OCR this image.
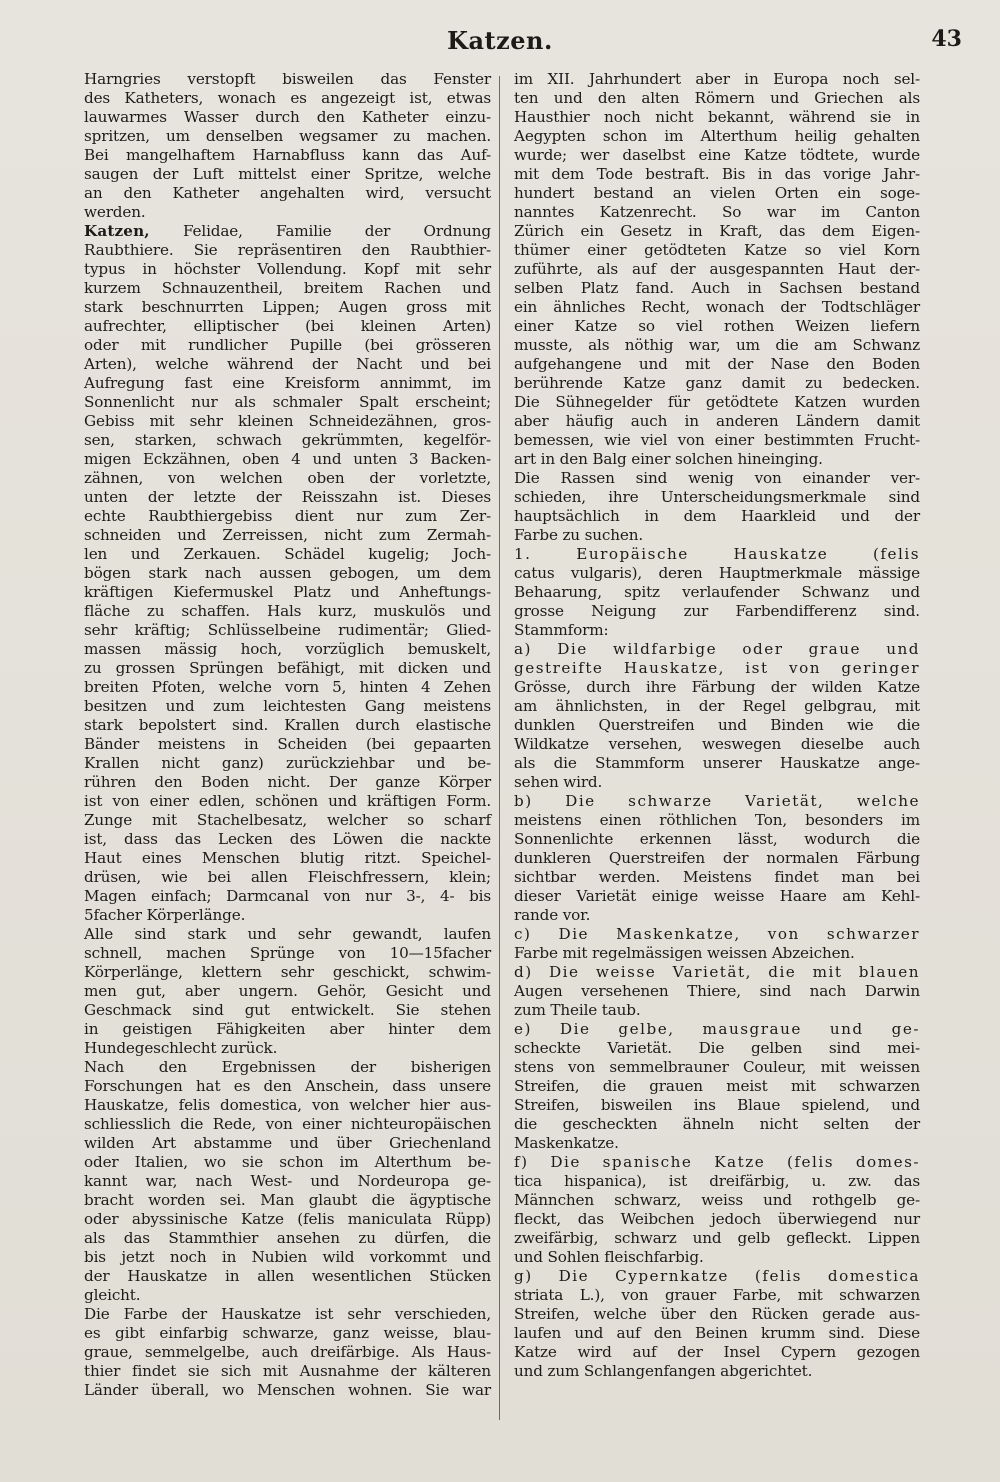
Katzen.	43
Harngries verstopft bisweilen das Fenster
des Katheters, wonach es angezeigt ist, etwas
lauwarmes Wasser durch den Katheter einzu-
spritzen, um denselben wegsamer zu machen.
Bei mangelhaftem Harnabfluss kann das Auf-
saugen der Luft mittelst einer Spritze, welche
an den Katheter angehalten wird, versucht
werden.
Katzen, Felidae, Familie der Ordnung
Raubthiere. Sie repräsentiren den Raubthier-
typus in höchster Vollendung. Kopf mit sehr
kurzem Schnauzentheil, breitem Rachen und
stark beschnurrten Lippen; Augen gross mit
aufrechter, elliptischer (bei kleinen Arten)
oder mit rundlicher Pupille (bei grösseren
Arten), welche während der Nacht und bei
Aufregung fast eine Kreisform annimmt, im
Sonnenlicht nur als schmaler Spalt erscheint;
Gebiss mit sehr kleinen Schneidezähnen, gros-
sen, starken, schwach gekrümmten, kegelför-
migen Eckzähnen, oben 4 und unten 3 Backen-
zähnen, von welchen oben der vorletzte,
unten der letzte der Reisszahn ist. Dieses
echte Raubthiergebiss dient nur zum Zer-
schneiden und Zerreissen, nicht zum Zermah-
len und Zerkauen. Schädel kugelig; Joch-
bögen stark nach aussen gebogen, um dem
kräftigen Kiefermuskel Platz und Anheftungs-
fläche zu schaffen. Hals kurz, muskulös und
sehr kräftig; Schlüsselbeine rudimentär; Glied-
massen mässig hoch, vorzüglich bemuskelt,
zu grossen Sprüngen befähigt, mit dicken und
breiten Pfoten, welche vorn 5, hinten 4 Zehen
besitzen und zum leichtesten Gang meistens
stark bepolstert sind. Krallen durch elastische
Bänder meistens in Scheiden (bei gepaarten
Krallen nicht ganz) zurückziehbar und be-
rühren den Boden nicht. Der ganze Körper
ist von einer edlen, schönen und kräftigen Form.
Zunge mit Stachelbesatz, welcher so scharf
ist, dass das Lecken des Löwen die nackte
Haut eines Menschen blutig ritzt. Speichel-
drüsen, wie bei allen Fleischfressern, klein;
Magen einfach; Darmcanal von nur 3-, 4- bis
5facher Körperlänge.
Alle sind stark und sehr gewandt, laufen
schnell, machen Sprünge von 10—15facher
Körperlänge, klettern sehr geschickt, schwim-
men gut, aber ungern. Gehör, Gesicht und
Geschmack sind gut entwickelt. Sie stehen
in geistigen Fähigkeiten aber hinter dem
Hundegeschlecht zurück.
Nach den Ergebnissen der bisherigen
Forschungen hat es den Anschein, dass unsere
Hauskatze, felis domestica, von welcher hier aus-
schliesslich die Rede, von einer nichteuropäischen
wilden Art abstamme und über Griechenland
oder Italien, wo sie schon im Alterthum be-
kannt war, nach West- und Nordeuropa ge-
bracht worden sei. Man glaubt die ägyptische
oder abyssinische Katze (felis maniculata Rüpp)
als das Stammthier ansehen zu dürfen, die
bis jetzt noch in Nubien wild vorkommt und
der Hauskatze in allen wesentlichen Stücken
gleicht.
Die Farbe der Hauskatze ist sehr verschieden,
es gibt einfarbig schwarze, ganz weisse, blau-
graue, semmelgelbe, auch dreifärbige. Als Haus-
thier findet sie sich mit Ausnahme der kälteren
Länder überall, wo Menschen wohnen. Sie war
im XII. Jahrhundert aber in Europa noch sel-
ten und den alten Römern und Griechen als
Hausthier noch nicht bekannt, während sie in
Aegypten schon im Alterthum heilig gehalten
wurde; wer daselbst eine Katze tödtete, wurde
mit dem Tode bestraft. Bis in das vorige Jahr-
hundert bestand an vielen Orten ein soge-
nanntes Katzenrecht. So war im Canton
Zürich ein Gesetz in Kraft, das dem Eigen-
thümer einer getödteten Katze so viel Korn
zuführte, als auf der ausgespannten Haut der-
selben Platz fand. Auch in Sachsen bestand
ein ähnliches Recht, wonach der Todtschläger
einer Katze so viel rothen Weizen liefern
musste, als nöthig war, um die am Schwanz
aufgehangene und mit der Nase den Boden
berührende Katze ganz damit zu bedecken.
Die Sühnegelder für getödtete Katzen wurden
aber häufig auch in anderen Ländern damit
bemessen, wie viel von einer bestimmten Frucht-
art in den Balg einer solchen hineinging.
Die Rassen sind wenig von einander ver-
schieden, ihre Unterscheidungsmerkmale sind
hauptsächlich in dem Haarkleid und der
Farbe zu suchen.
1. Europäische Hauskatze (felis
catus vulgaris), deren Hauptmerkmale mässige
Behaarung, spitz verlaufender Schwanz und
grosse Neigung zur Farbendifferenz sind.
Stammform:
a) Die wildfarbige oder graue und
gestreifte Hauskatze, ist von geringer
Grösse, durch ihre Färbung der wilden Katze
am ähnlichsten, in der Regel gelbgrau, mit
dunklen Querstreifen und Binden wie die
Wildkatze versehen, weswegen dieselbe auch
als die Stammform unserer Hauskatze ange-
sehen wird.
b) Die schwarze Varietät, welche
meistens einen röthlichen Ton, besonders im
Sonnenlichte erkennen lässt, wodurch die
dunkleren Querstreifen der normalen Färbung
sichtbar werden. Meistens findet man bei
dieser Varietät einige weisse Haare am Kehl-
rande vor.
c) Die Maskenkatze, von schwarzer
Farbe mit regelmässigen weissen Abzeichen.
d) Die weisse Varietät, die mit blauen
Augen versehenen Thiere, sind nach Darwin
zum Theile taub.
e) Die gelbe, mausgraue und ge-
scheckte Varietät. Die gelben sind mei-
stens von semmelbrauner Couleur, mit weissen
Streifen, die grauen meist mit schwarzen
Streifen, bisweilen ins Blaue spielend, und
die gescheckten ähneln nicht selten der
Maskenkatze.
f) Die spanische Katze (felis domes-
tica hispanica), ist dreifärbig, u. zw. das
Männchen schwarz, weiss und rothgelb ge-
fleckt, das Weibchen jedoch überwiegend nur
zweifärbig, schwarz und gelb gefleckt. Lippen
und Sohlen fleischfarbig.
g) Die Cypernkatze (felis domestica
striata L.), von grauer Farbe, mit schwarzen
Streifen, welche über den Rücken gerade aus-
laufen und auf den Beinen krumm sind. Diese
Katze wird auf der Insel Cypern gezogen
und zum Schlangenfangen abgerichtet.
